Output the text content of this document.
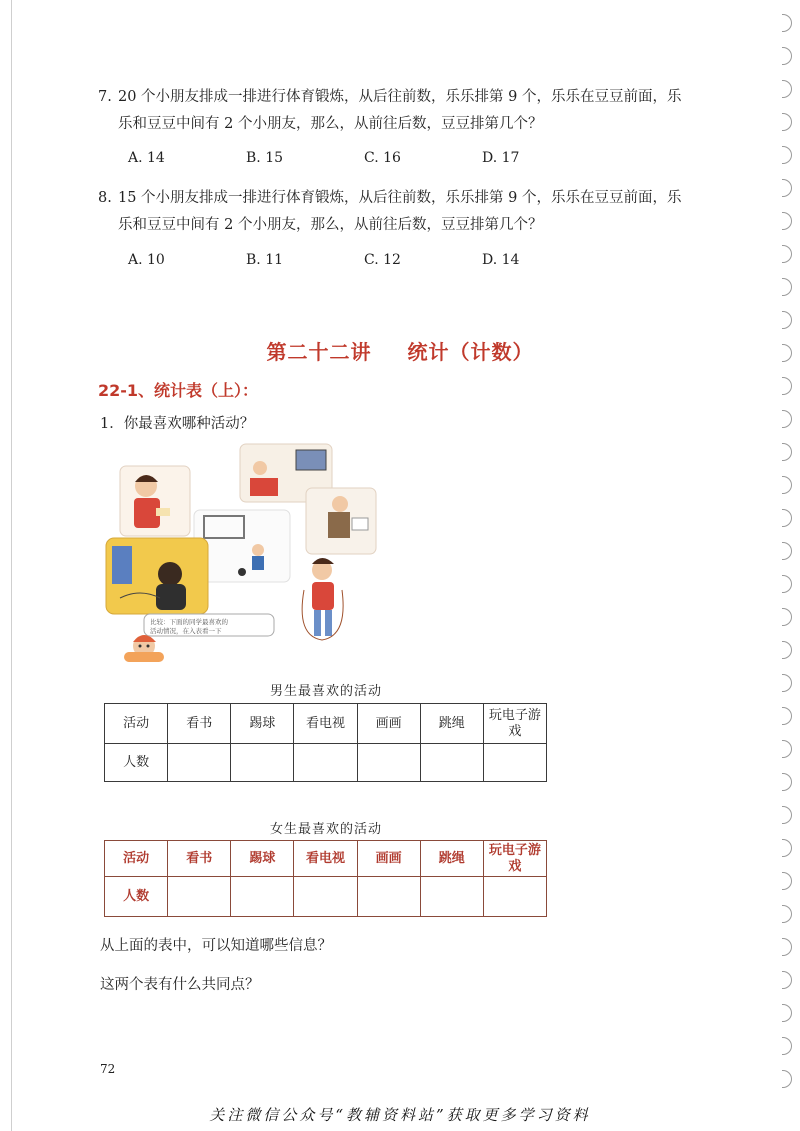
7. 20 个小朋友排成一排进行体育锻炼，从后往前数，乐乐排第 9 个，乐乐在豆豆前面，乐
乐和豆豆中间有 2 个小朋友，那么，从前往后数，豆豆排第几个？
A. 14	B. 15	C. 16	D. 17
8. 15 个小朋友排成一排进行体育锻炼，从后往前数，乐乐排第 9 个，乐乐在豆豆前面，乐
乐和豆豆中间有 2 个小朋友，那么，从前往后数，豆豆排第几个？
A. 10	B. 11	C. 12	D. 14
第二十二讲 统计（计数）
22-1、统计表（上）：
1．你最喜欢哪种活动？
比较：下面的同学最喜欢的
活动情况，在入表看一下
男生最喜欢的活动
活动	看书	踢球	看电视	画画	跳绳	玩电子游戏
人数						
女生最喜欢的活动
活动	看书	踢球	看电视	画画	跳绳	玩电子游戏
人数						
从上面的表中，可以知道哪些信息？
这两个表有什么共同点？
72
关注微信公众号“教辅资料站”获取更多学习资料
